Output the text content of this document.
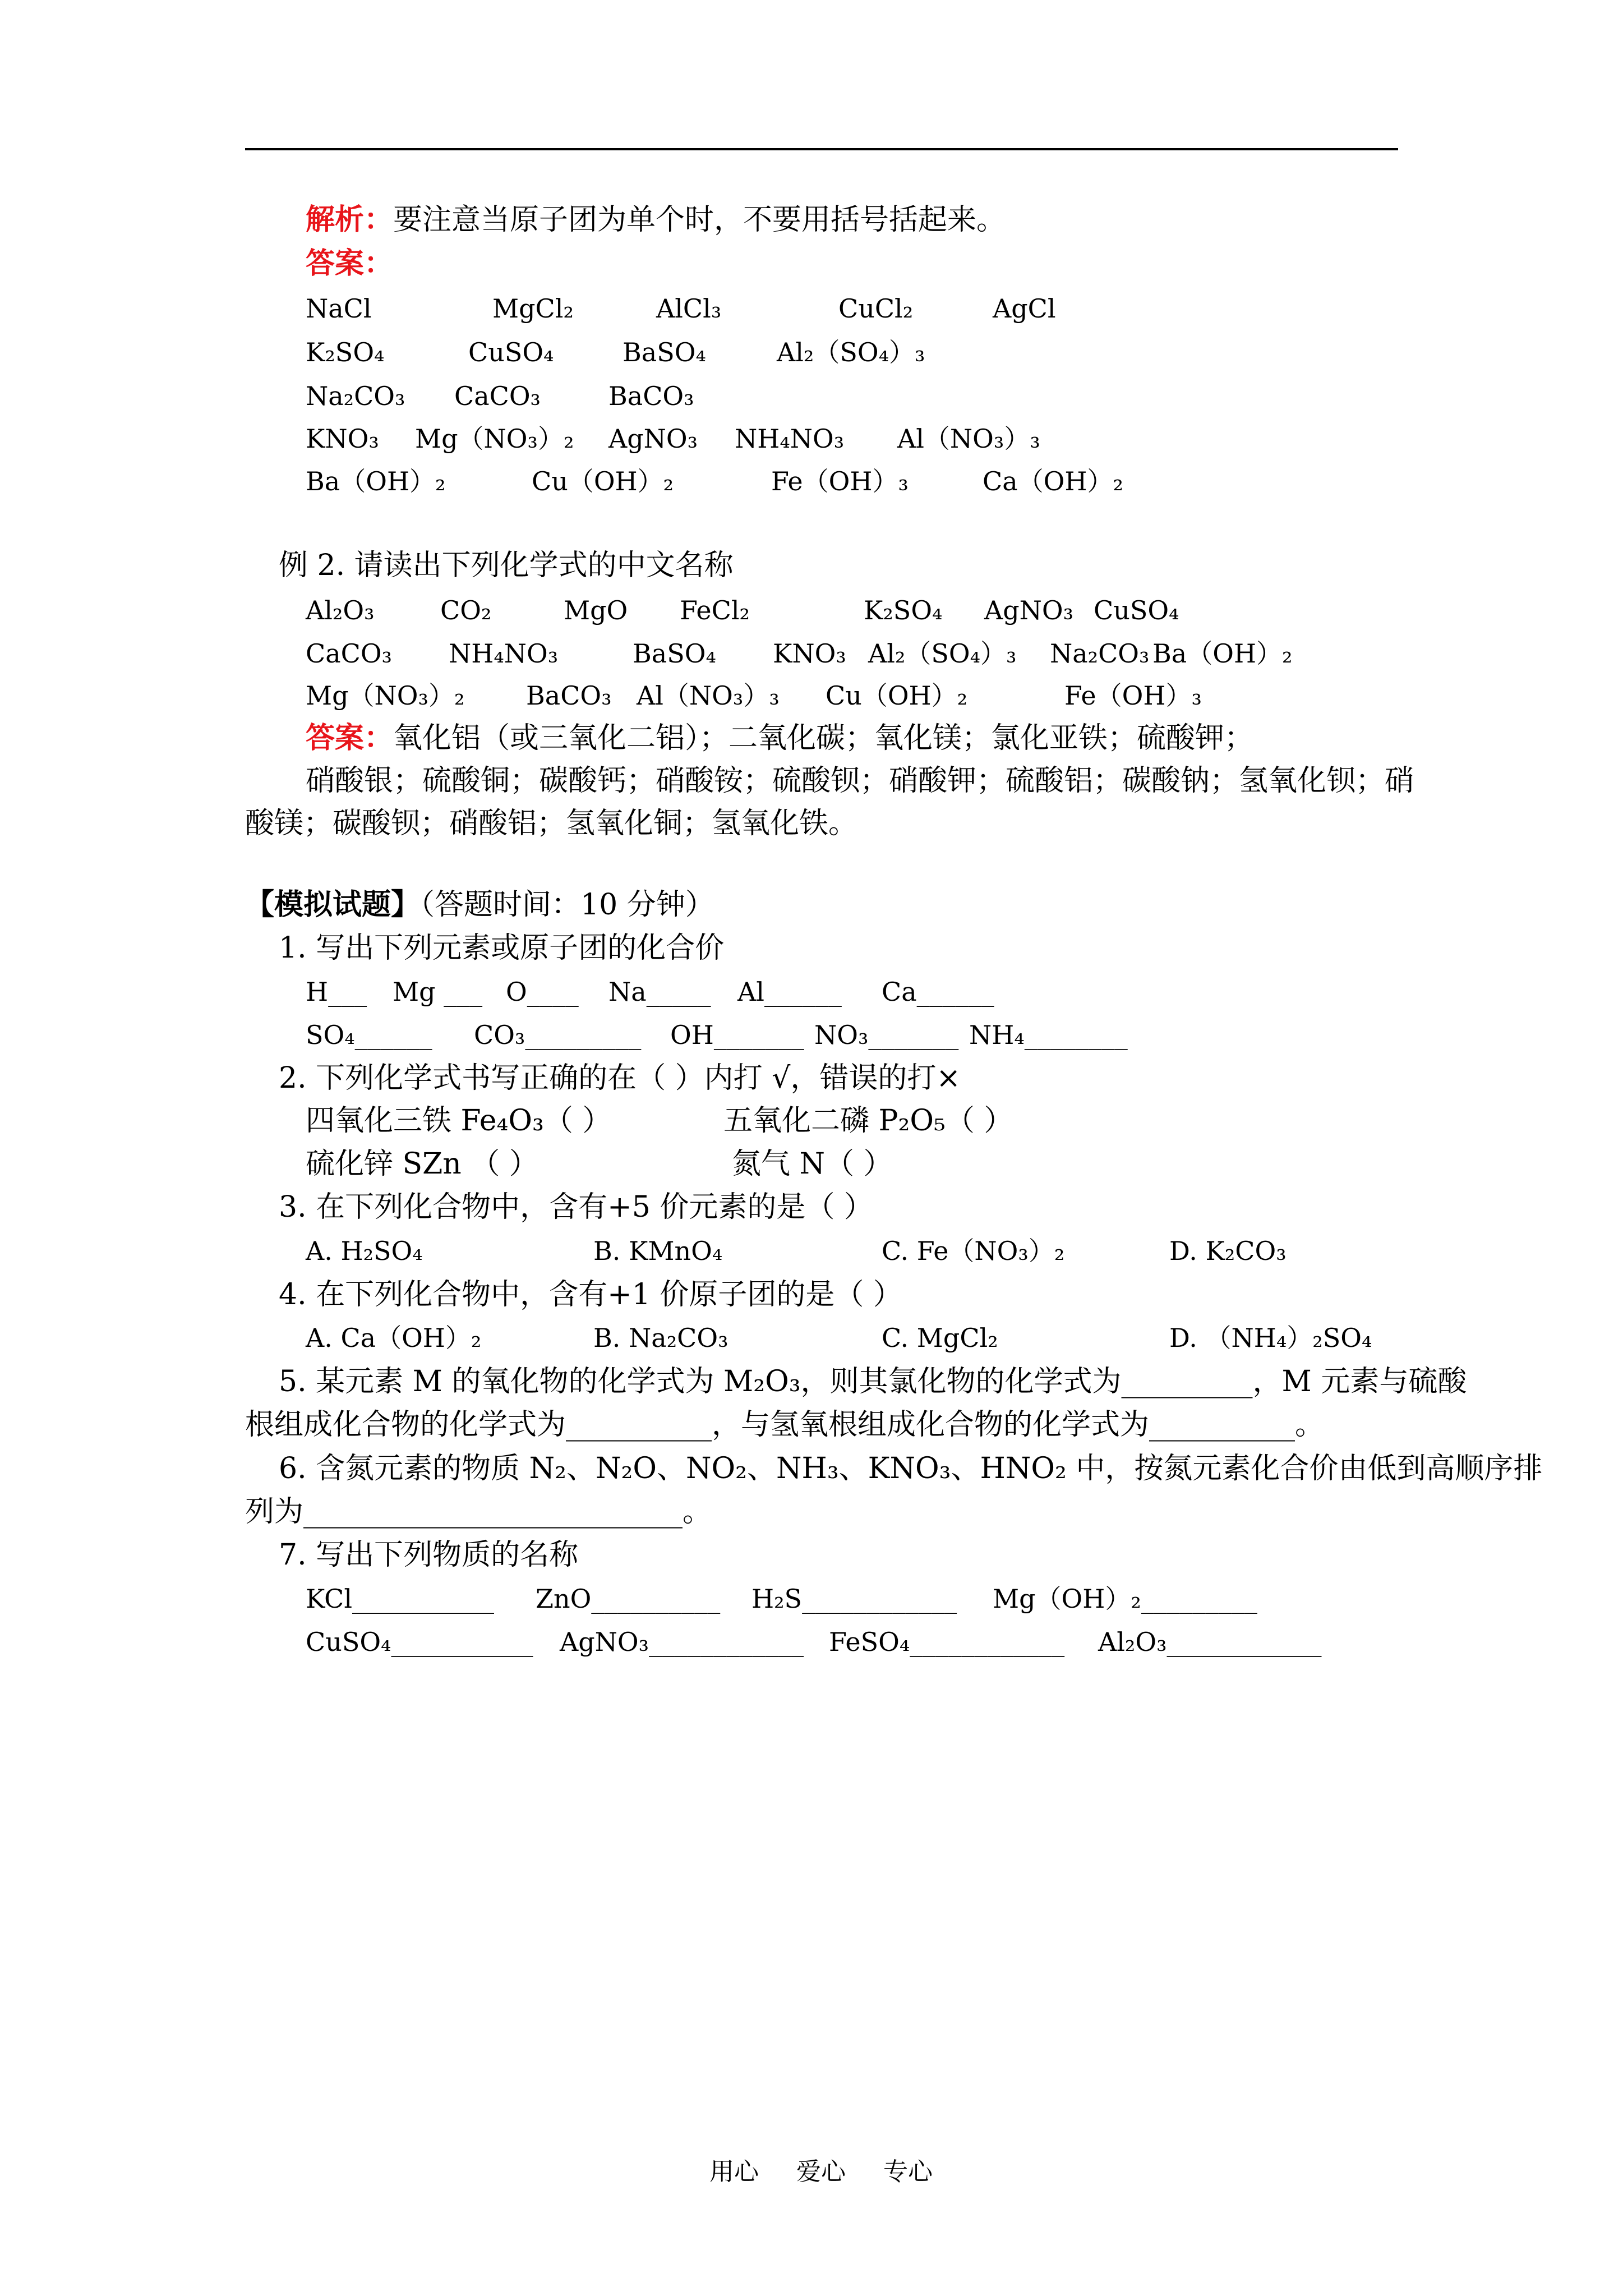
解析：要注意当原子团为单个时，不要用括号括起来。
答案：
NaCl	MgCl₂	AlCl₃	CuCl₂	AgCl
K₂SO₄	CuSO₄	BaSO₄	Al₂（SO₄）₃
Na₂CO₃ CaCO₃	BaCO₃
KNO₃ Mg（NO₃）₂ AgNO₃ NH₄NO₃ Al（NO₃）₃
Ba（OH）₂	Cu（OH）₂	Fe（OH）₃	Ca（OH）₂
例 2. 请读出下列化学式的中文名称
Al₂O₃	CO₂	MgO FeCl₂	K₂SO₄ AgNO₃ CuSO₄
CaCO₃ NH₄NO₃	BaSO₄ KNO₃ Al₂（SO₄）₃ Na₂CO₃ Ba（OH）₂
Mg（NO₃）₂ BaCO₃ Al（NO₃）₃ Cu（OH）₂	Fe（OH）₃
答案：氧化铝（或三氧化二铝）；二氧化碳；氧化镁；氯化亚铁；硫酸钾；
硝酸银；硫酸铜；碳酸钙；硝酸铵；硫酸钡；硝酸钾；硫酸铝；碳酸钠；氢氧化钡；硝
酸镁；碳酸钡；硝酸铝；氢氧化铜；氢氧化铁。
【模拟试题】（答题时间：10 分钟）
1. 写出下列元素或原子团的化合价
H___ Mg ___ O____ Na_____ Al______ Ca______
SO₄______ CO₃_________ OH_______ NO₃_______ NH₄________
2. 下列化学式书写正确的在（ ）内打 √，错误的打×
四氧化三铁 Fe₄O₃（ ）	五氧化二磷 P₂O₅（ ）
硫化锌 SZn （ ）	氮气 N（ ）
3. 在下列化合物中，含有+5 价元素的是（ ）
A. H₂SO₄	B. KMnO₄	C. Fe（NO₃）₂	D. K₂CO₃
4. 在下列化合物中，含有+1 价原子团的是（ ）
A. Ca（OH）₂	B. Na₂CO₃	C. MgCl₂	D. （NH₄）₂SO₄
5. 某元素 M 的氧化物的化学式为 M₂O₃，则其氯化物的化学式为_________，M 元素与硫酸
根组成化合物的化学式为__________，与氢氧根组成化合物的化学式为__________。
6. 含氮元素的物质 N₂、N₂O、NO₂、NH₃、KNO₃、HNO₂ 中，按氮元素化合价由低到高顺序排
列为__________________________。
7. 写出下列物质的名称
KCl___________ ZnO__________ H₂S____________ Mg（OH）₂_________
CuSO₄___________ AgNO₃____________ FeSO₄____________ Al₂O₃____________
用心 爱心 专心
